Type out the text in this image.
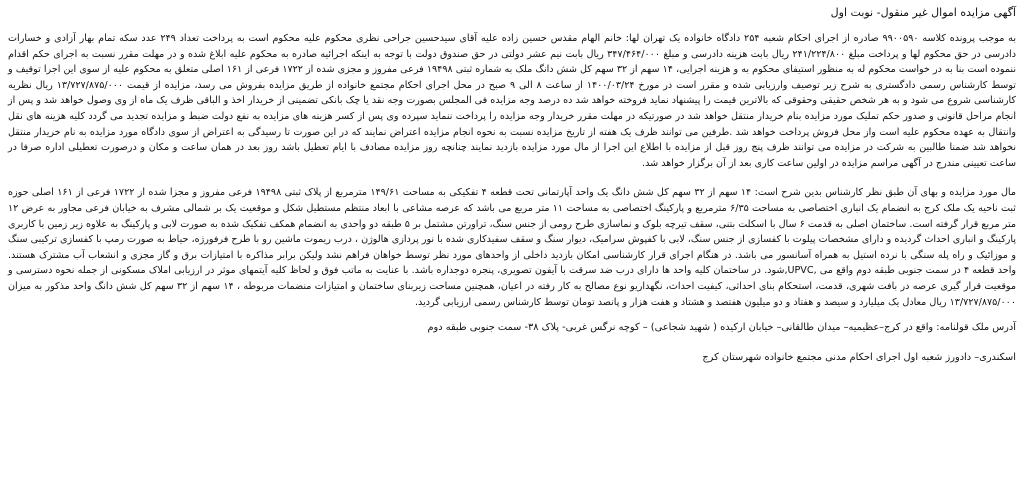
آگهی مزایده اموال غیر منقول- نوبت اول

به موجب پرونده کلاسه ۹۹۰۰۵۹۰ صادره از اجرای احکام شعبه ۲۵۴ دادگاه خانواده یک تهران لها: خانم الهام مقدس حسین زاده علیه آقای سیدحسین جراحی نظری محکوم علیه محکوم است به پرداخت تعداد ۲۴۹ عدد سکه تمام بهار آزادی و خسارات دادرسی در حق محکوم لها و پرداخت مبلغ ۲۴۱/۲۲۴/۸۰۰ ریال بابت هزینه دادرسی و مبلغ ۳۴۷/۴۶۴/۰۰۰ ریال بابت نیم عشر دولتی در حق صندوق دولت با توجه به اینکه اجرائیه صادره به محکوم علیه ابلاغ شده و در مهلت مقرر نسبت به اجرای حکم اقدام ننموده است بنا به در خواست محکوم له به منظور استیفای محکوم به و هزینه اجرایی، ۱۴ سهم از ۳۲ سهم کل شش دانگ ملک به شماره ثبتی ۱۹۴۹۸ فرعی مفروز و مجزی شده از ۱۷۲۲ فرعی از ۱۶۱ اصلی متعلق به محکوم علیه از سوی این اجرا توقیف و توسط کارشناس رسمی دادگستری به شرح زیر توصیف وارزیابی شده و مقرر است در مورخ ۱۴۰۰/۰۳/۲۴ از ساعت ۸ الی ۹ صبح در محل اجرای احکام مجتمع خانواده از طریق مزایده بفروش می رسد، مزایده از قیمت ۱۳/۷۲۷/۸۷۵/۰۰۰ ریال نظریه کارشناسی شروع می شود و به هر شخص حقیقی وحقوقی که بالاترین قیمت را پیشنهاد نماید فروخته خواهد شد ده درصد وجه مزایده فی المجلس بصورت وجه نقد یا چک بانکی تضمینی از خریدار اخذ و الباقی ظرف یک ماه از وی وصول خواهد شد و پس از انجام مراحل قانونی و صدور حکم تملیک مورد مزایده بنام خریدار منتقل خواهد شد در صورتیکه در مهلت مقرر خریدار وجه مزایده را پرداخت ننماید سپرده وی پس از کسر هزینه های مزایده به نفع دولت ضبط و مزایده تجدید می گردد کلیه هزینه های نقل وانتقال به عهده محکوم علیه است واز محل فروش پرداخت خواهد شد .طرفین می توانند ظرف یک هفته از تاریخ مزایده نسبت به نحوه انجام مزایده اعتراض نمایند که در این صورت تا رسیدگی به اعتراض از سوی دادگاه مورد مزایده به نام خریدار منتقل نخواهد شد ضمنا طالبین به شرکت در مزایده می توانند ظرف پنج روز قبل از مزایده با اطلاع این اجرا از مال مورد مزایده بازدید نمایند چنانچه روز مزایده مصادف با ایام تعطیل باشد روز بعد در همان ساعت و مکان و درصورت تعطیلی اداره صرفا در ساعت تعیینی مندرج در آگهی مراسم مزایده در اولین ساعت کاری بعد از آن برگزار خواهد شد.

مال مورد مزایده و بهای آن طبق نظر کارشناس بدین شرح است: ۱۴ سهم از ۳۲ سهم کل شش دانگ یک واحد آپارتمانی تحت قطعه ۴ تفکیکی به مساحت ۱۴۹/۶۱ مترمربع از پلاک ثبتی ۱۹۴۹۸ فرعی مفروز و مجزا شده از ۱۷۲۲ فرعی از ۱۶۱ اصلی حوزه ثبت ناحیه یک ملک کرج به انضمام یک انباری اختصاصی به مساحت ۶/۳۵ مترمربع و پارکینگ اختصاصی به مساحت ۱۱ متر مربع می باشد که عرصه مشاعی با ابعاد منتظم مستطیل شکل و موقعیت یک بر شمالی مشرف به خیابان فرعی مجاور به عرض ۱۲ متر مربع قرار گرفته است. ساختمان اصلی به قدمت ۶ سال با اسکلت بتنی، سقف تیرچه بلوک و نماسازی طرح رومی از جنس سنگ، تراورتن مشتمل بر ۵ طبقه دو واحدی به انضمام همکف تفکیک شده به صورت لابی و پارکینگ به علاوه زیر زمین با کاربری پارکینگ و انباری احداث گردیده و دارای مشخصات پیلوت با کفسازی از جنس سنگ، لابی با کفپوش سرامیک، دیوار سنگ و سقف سفیدکاری شده با نور پردازی هالوژن ، درب ریموت ماشین رو با طرح فرفورژه، حیاط به صورت رمپ با کفسازی ترکیبی سنگ و موزائیک و راه پله سنگی با نرده استیل به همراه آسانسور می باشد. در هنگام اجرای قرار کارشناسی امکان بازدید داخلی از واحدهای مورد نظر توسط خواهان فراهم نشد ولیکن برابر مذاکره با امتیازات برق و گاز مجزی و انشعاب آب مشترک هستند. واحد قطعه ۴ در سمت جنوبی طبقه دوم واقع می ,UPVC,شود. در ساختمان کلیه واحد ها دارای درب ضد سرقت با آیفون تصویری، پنجره دوجداره باشد. با عنایت به ماتب فوق و لحاظ کلیه آیتمهای موثر در ارزیابی املاک مسکونی از جمله نحوه دسترسی و موقعیت قرار گیری عرصه در بافت شهری، قدمت، استحکام بنای احداثی، کیفیت احداث، نگهداریو نوع مصالح به کار رفته در اعیان، همچنین مساحت زیربنای ساختمان و امتیازات منضمات مربوطه ، ۱۴ سهم از ۳۲ سهم کل شش دانگ واحد مذکور به میزان ۱۳/۷۲۷/۸۷۵/۰۰۰ ریال معادل یک میلیارد و سیصد و هفتاد و دو میلیون هفتصد و هشتاد و هفت هزار و پانصد تومان توسط کارشناس رسمی ارزیابی گردید.

آدرس ملک قولنامه: واقع در کرج–عظیمیه– میدان طالقانی– خیابان ارکیده ( شهید شجاعی) – کوچه نرگس غربی- پلاک ۳۸- سمت جنوبی طبقه دوم

اسکندری– دادورز شعبه اول اجرای احکام مدنی مجتمع خانواده شهرستان کرج
